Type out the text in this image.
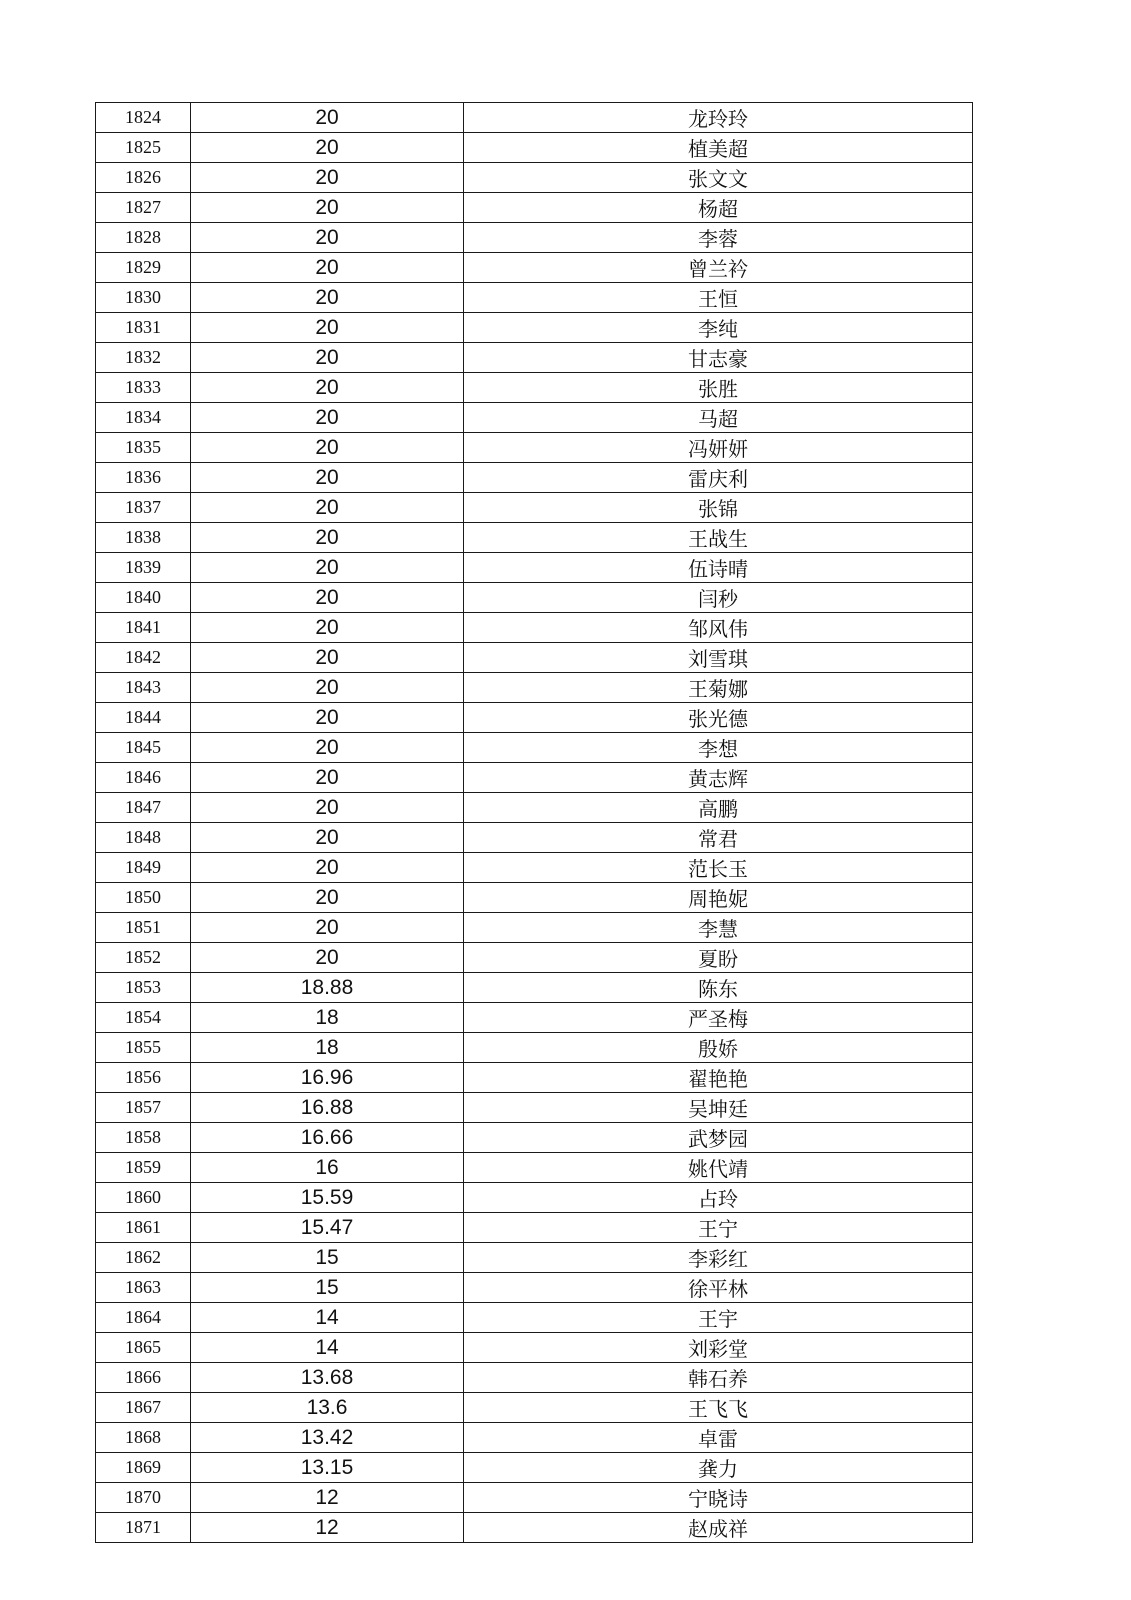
1824	20	龙玲玲
1825	20	植美超
1826	20	张文文
1827	20	杨超
1828	20	李蓉
1829	20	曾兰衿
1830	20	王恒
1831	20	李纯
1832	20	甘志豪
1833	20	张胜
1834	20	马超
1835	20	冯妍妍
1836	20	雷庆利
1837	20	张锦
1838	20	王战生
1839	20	伍诗晴
1840	20	闫秒
1841	20	邹风伟
1842	20	刘雪琪
1843	20	王菊娜
1844	20	张光德
1845	20	李想
1846	20	黄志辉
1847	20	高鹏
1848	20	常君
1849	20	范长玉
1850	20	周艳妮
1851	20	李慧
1852	20	夏盼
1853	18.88	陈东
1854	18	严圣梅
1855	18	殷娇
1856	16.96	翟艳艳
1857	16.88	吴坤廷
1858	16.66	武梦园
1859	16	姚代靖
1860	15.59	占玲
1861	15.47	王宁
1862	15	李彩红
1863	15	徐平林
1864	14	王宇
1865	14	刘彩堂
1866	13.68	韩石养
1867	13.6	王飞飞
1868	13.42	卓雷
1869	13.15	龚力
1870	12	宁晓诗
1871	12	赵成祥
